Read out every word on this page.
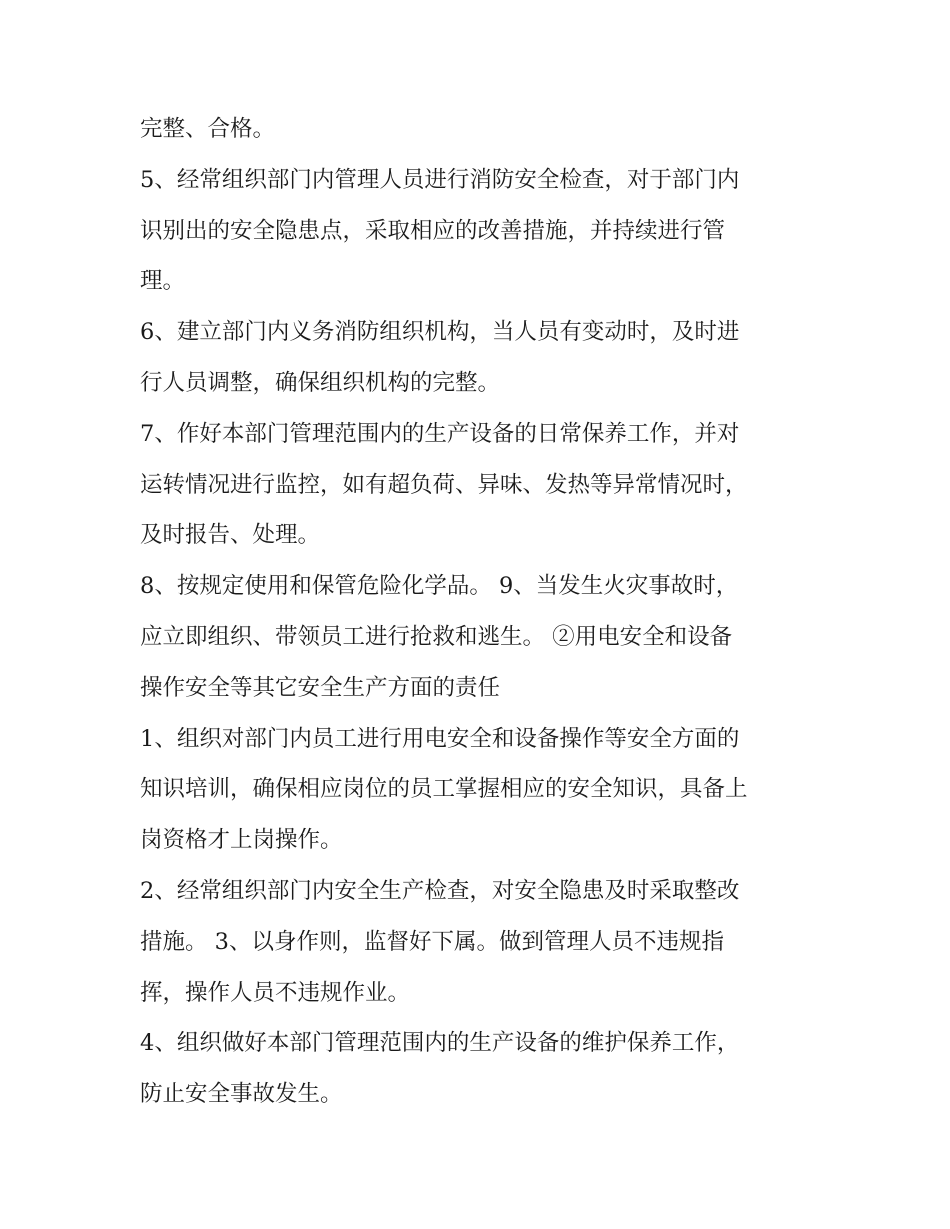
完整、合格。
5、经常组织部门内管理人员进行消防安全检查，对于部门内
识别出的安全隐患点，采取相应的改善措施，并持续进行管
理。
6、建立部门内义务消防组织机构，当人员有变动时，及时进
行人员调整，确保组织机构的完整。
7、作好本部门管理范围内的生产设备的日常保养工作，并对
运转情况进行监控，如有超负荷、异味、发热等异常情况时，
及时报告、处理。
8、按规定使用和保管危险化学品。 9、当发生火灾事故时，
应立即组织、带领员工进行抢救和逃生。 ②用电安全和设备
操作安全等其它安全生产方面的责任
1、组织对部门内员工进行用电安全和设备操作等安全方面的
知识培训，确保相应岗位的员工掌握相应的安全知识，具备上
岗资格才上岗操作。
2、经常组织部门内安全生产检查，对安全隐患及时采取整改
措施。 3、以身作则，监督好下属。做到管理人员不违规指
挥，操作人员不违规作业。
4、组织做好本部门管理范围内的生产设备的维护保养工作，
防止安全事故发生。
